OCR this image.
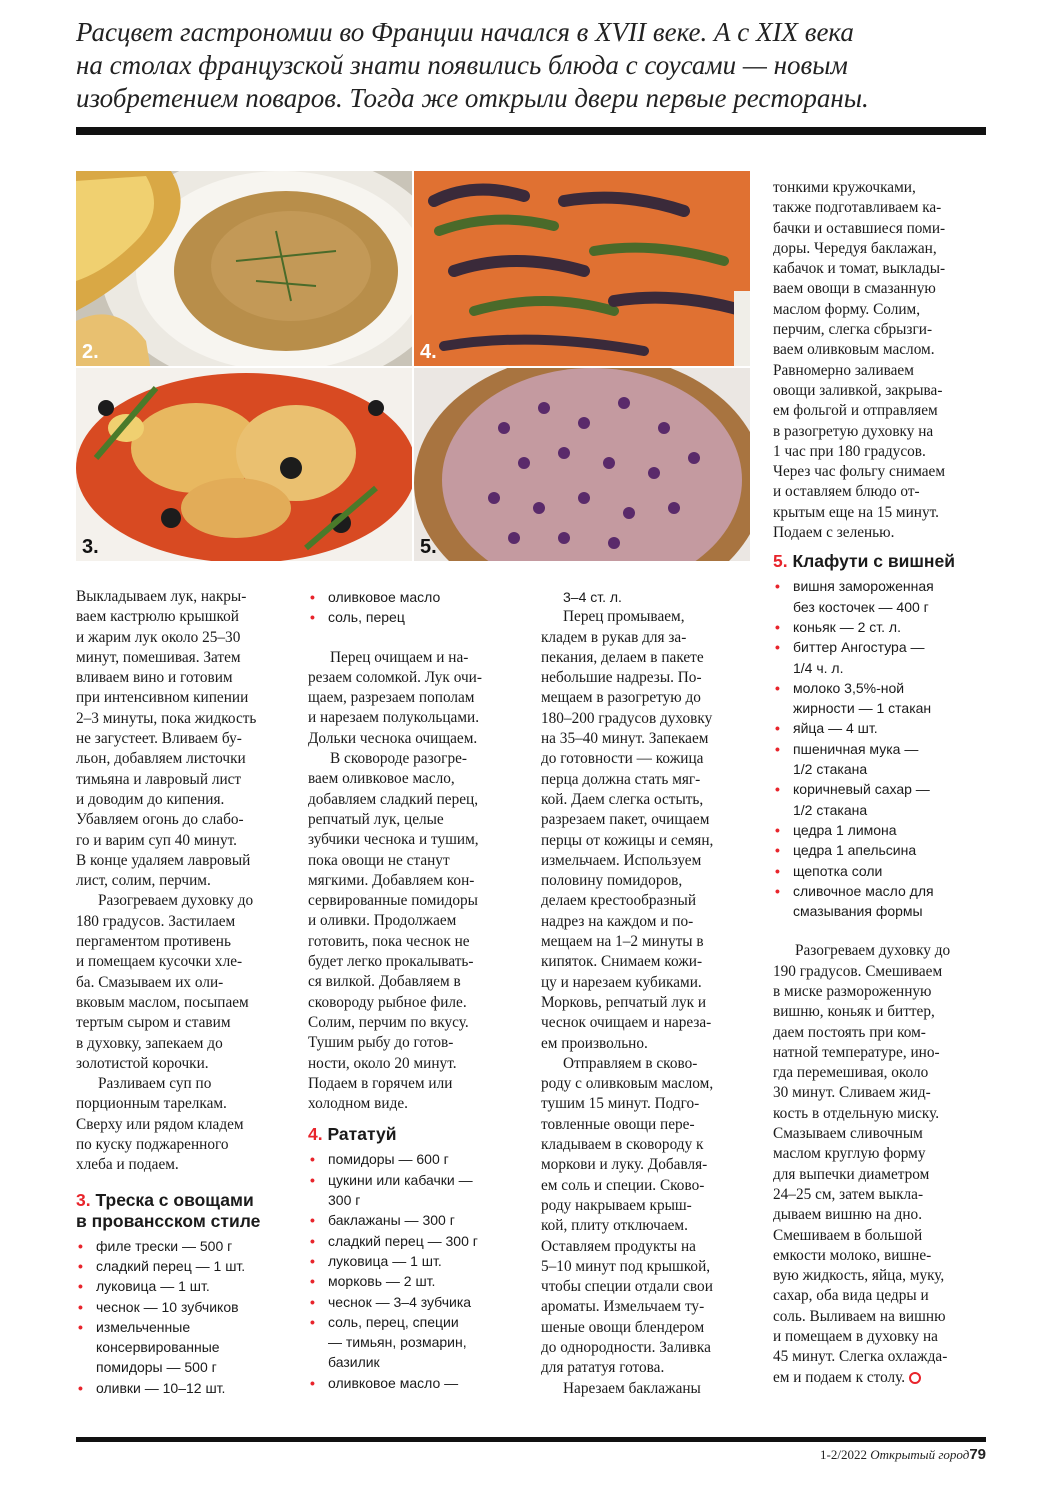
Расцвет гастрономии во Франции начался в XVII веке. А с XIX века
на столах французской знати появились блюда с соусами — новым
изобретением поваров. Тогда же открыли двери первые рестораны.
2.	4.
3.	5.

Выкладываем лук, накры-

ваем кастрюлю крышкой

и жарим лук около 25–30

минут, помешивая. Затем

вливаем вино и готовим

при интенсивном кипении

2–3 минуты, пока жидкость

не загустеет. Вливаем бу-

льон, добавляем листочки

тимьяна и лавровый лист

и доводим до кипения.

Убавляем огонь до слабо-

го и варим суп 40 минут.

В конце удаляем лавровый

лист, солим, перчим.

Разогреваем духовку до

180 градусов. Застилаем

пергаментом противень

и помещаем кусочки хле-

ба. Смазываем их оли-

вковым маслом, посыпаем

тертым сыром и ставим

в духовку, запекаем до

золотистой корочки.

Разливаем суп по

порционным тарелкам.

Сверху или рядом кладем

по куску поджаренного

хлеба и подаем.

3. Треска с овощами
в провансском стиле
• филе трески — 500 г
• сладкий перец — 1 шт.
• луковица — 1 шт.
• чеснок — 10 зубчиков
• измельченные
консервированные
помидоры — 500 г
• оливки — 10–12 шт.
• оливковое масло
• соль, перец

Перец очищаем и на-

резаем соломкой. Лук очи-

щаем, разрезаем пополам

и нарезаем полукольцами.

Дольки чеснока очищаем.

В сковороде разогре-

ваем оливковое масло,

добавляем сладкий перец,

репчатый лук, целые

зубчики чеснока и тушим,

пока овощи не станут

мягкими. Добавляем кон-

сервированные помидоры

и оливки. Продолжаем

готовить, пока чеснок не

будет легко прокалывать-

ся вилкой. Добавляем в

сковороду рыбное филе.

Солим, перчим по вкусу.

Тушим рыбу до готов-

ности, около 20 минут.

Подаем в горячем или

холодном виде.

4. Рататуй
• помидоры — 600 г
• цукини или кабачки —
300 г
• баклажаны — 300 г
• сладкий перец — 300 г
• луковица — 1 шт.
• морковь — 2 шт.
• чеснок — 3–4 зубчика
• соль, перец, специи
— тимьян, розмарин,
базилик
• оливковое масло —

3–4 ст. л.

Перец промываем,

кладем в рукав для за-

пекания, делаем в пакете

небольшие надрезы. По-

мещаем в разогретую до

180–200 градусов духовку

на 35–40 минут. Запекаем

до готовности — кожица

перца должна стать мяг-

кой. Даем слегка остыть,

разрезаем пакет, очищаем

перцы от кожицы и семян,

измельчаем. Используем

половину помидоров,

делаем крестообразный

надрез на каждом и по-

мещаем на 1–2 минуты в

кипяток. Снимаем кожи-

цу и нарезаем кубиками.

Морковь, репчатый лук и

чеснок очищаем и нареза-

ем произвольно.

Отправляем в сково-

роду с оливковым маслом,

тушим 15 минут. Подго-

товленные овощи пере-

кладываем в сковороду к

моркови и луку. Добавля-

ем соль и специи. Сково-

роду накрываем крыш-

кой, плиту отключаем.

Оставляем продукты на

5–10 минут под крышкой,

чтобы специи отдали свои

ароматы. Измельчаем ту-

шеные овощи блендером

до однородности. Заливка

для рататуя готова.

Нарезаем баклажаны

тонкими кружочками,

также подготавливаем ка-

бачки и оставшиеся поми-

доры. Чередуя баклажан,

кабачок и томат, выклады-

ваем овощи в смазанную

маслом форму. Солим,

перчим, слегка сбрызги-

ваем оливковым маслом.

Равномерно заливаем

овощи заливкой, закрыва-

ем фольгой и отправляем

в разогретую духовку на

1 час при 180 градусов.

Через час фольгу снимаем

и оставляем блюдо от-

крытым еще на 15 минут.

Подаем с зеленью.

5. Клафути с вишней
• вишня замороженная
без косточек — 400 г
• коньяк — 2 ст. л.
• биттер Ангостура —
1/4 ч. л.
• молоко 3,5%-ной
жирности — 1 стакан
• яйца — 4 шт.
• пшеничная мука —
1/2 стакана
• коричневый сахар —
1/2 стакана
• цедра 1 лимона
• цедра 1 апельсина
• щепотка соли
• сливочное масло для
смазывания формы

Разогреваем духовку до

190 градусов. Смешиваем

в миске размороженную

вишню, коньяк и биттер,

даем постоять при ком-

натной температуре, ино-

гда перемешивая, около

30 минут. Сливаем жид-

кость в отдельную миску.

Смазываем сливочным

маслом круглую форму

для выпечки диаметром

24–25 см, затем выкла-

дываем вишню на дно.

Смешиваем в большой

емкости молоко, вишне-

вую жидкость, яйца, муку,

сахар, оба вида цедры и

соль. Выливаем на вишню

и помещаем в духовку на

45 минут. Слегка охлаждa-

ем и подаем к столу.

1-2/2022 Открытый город79
